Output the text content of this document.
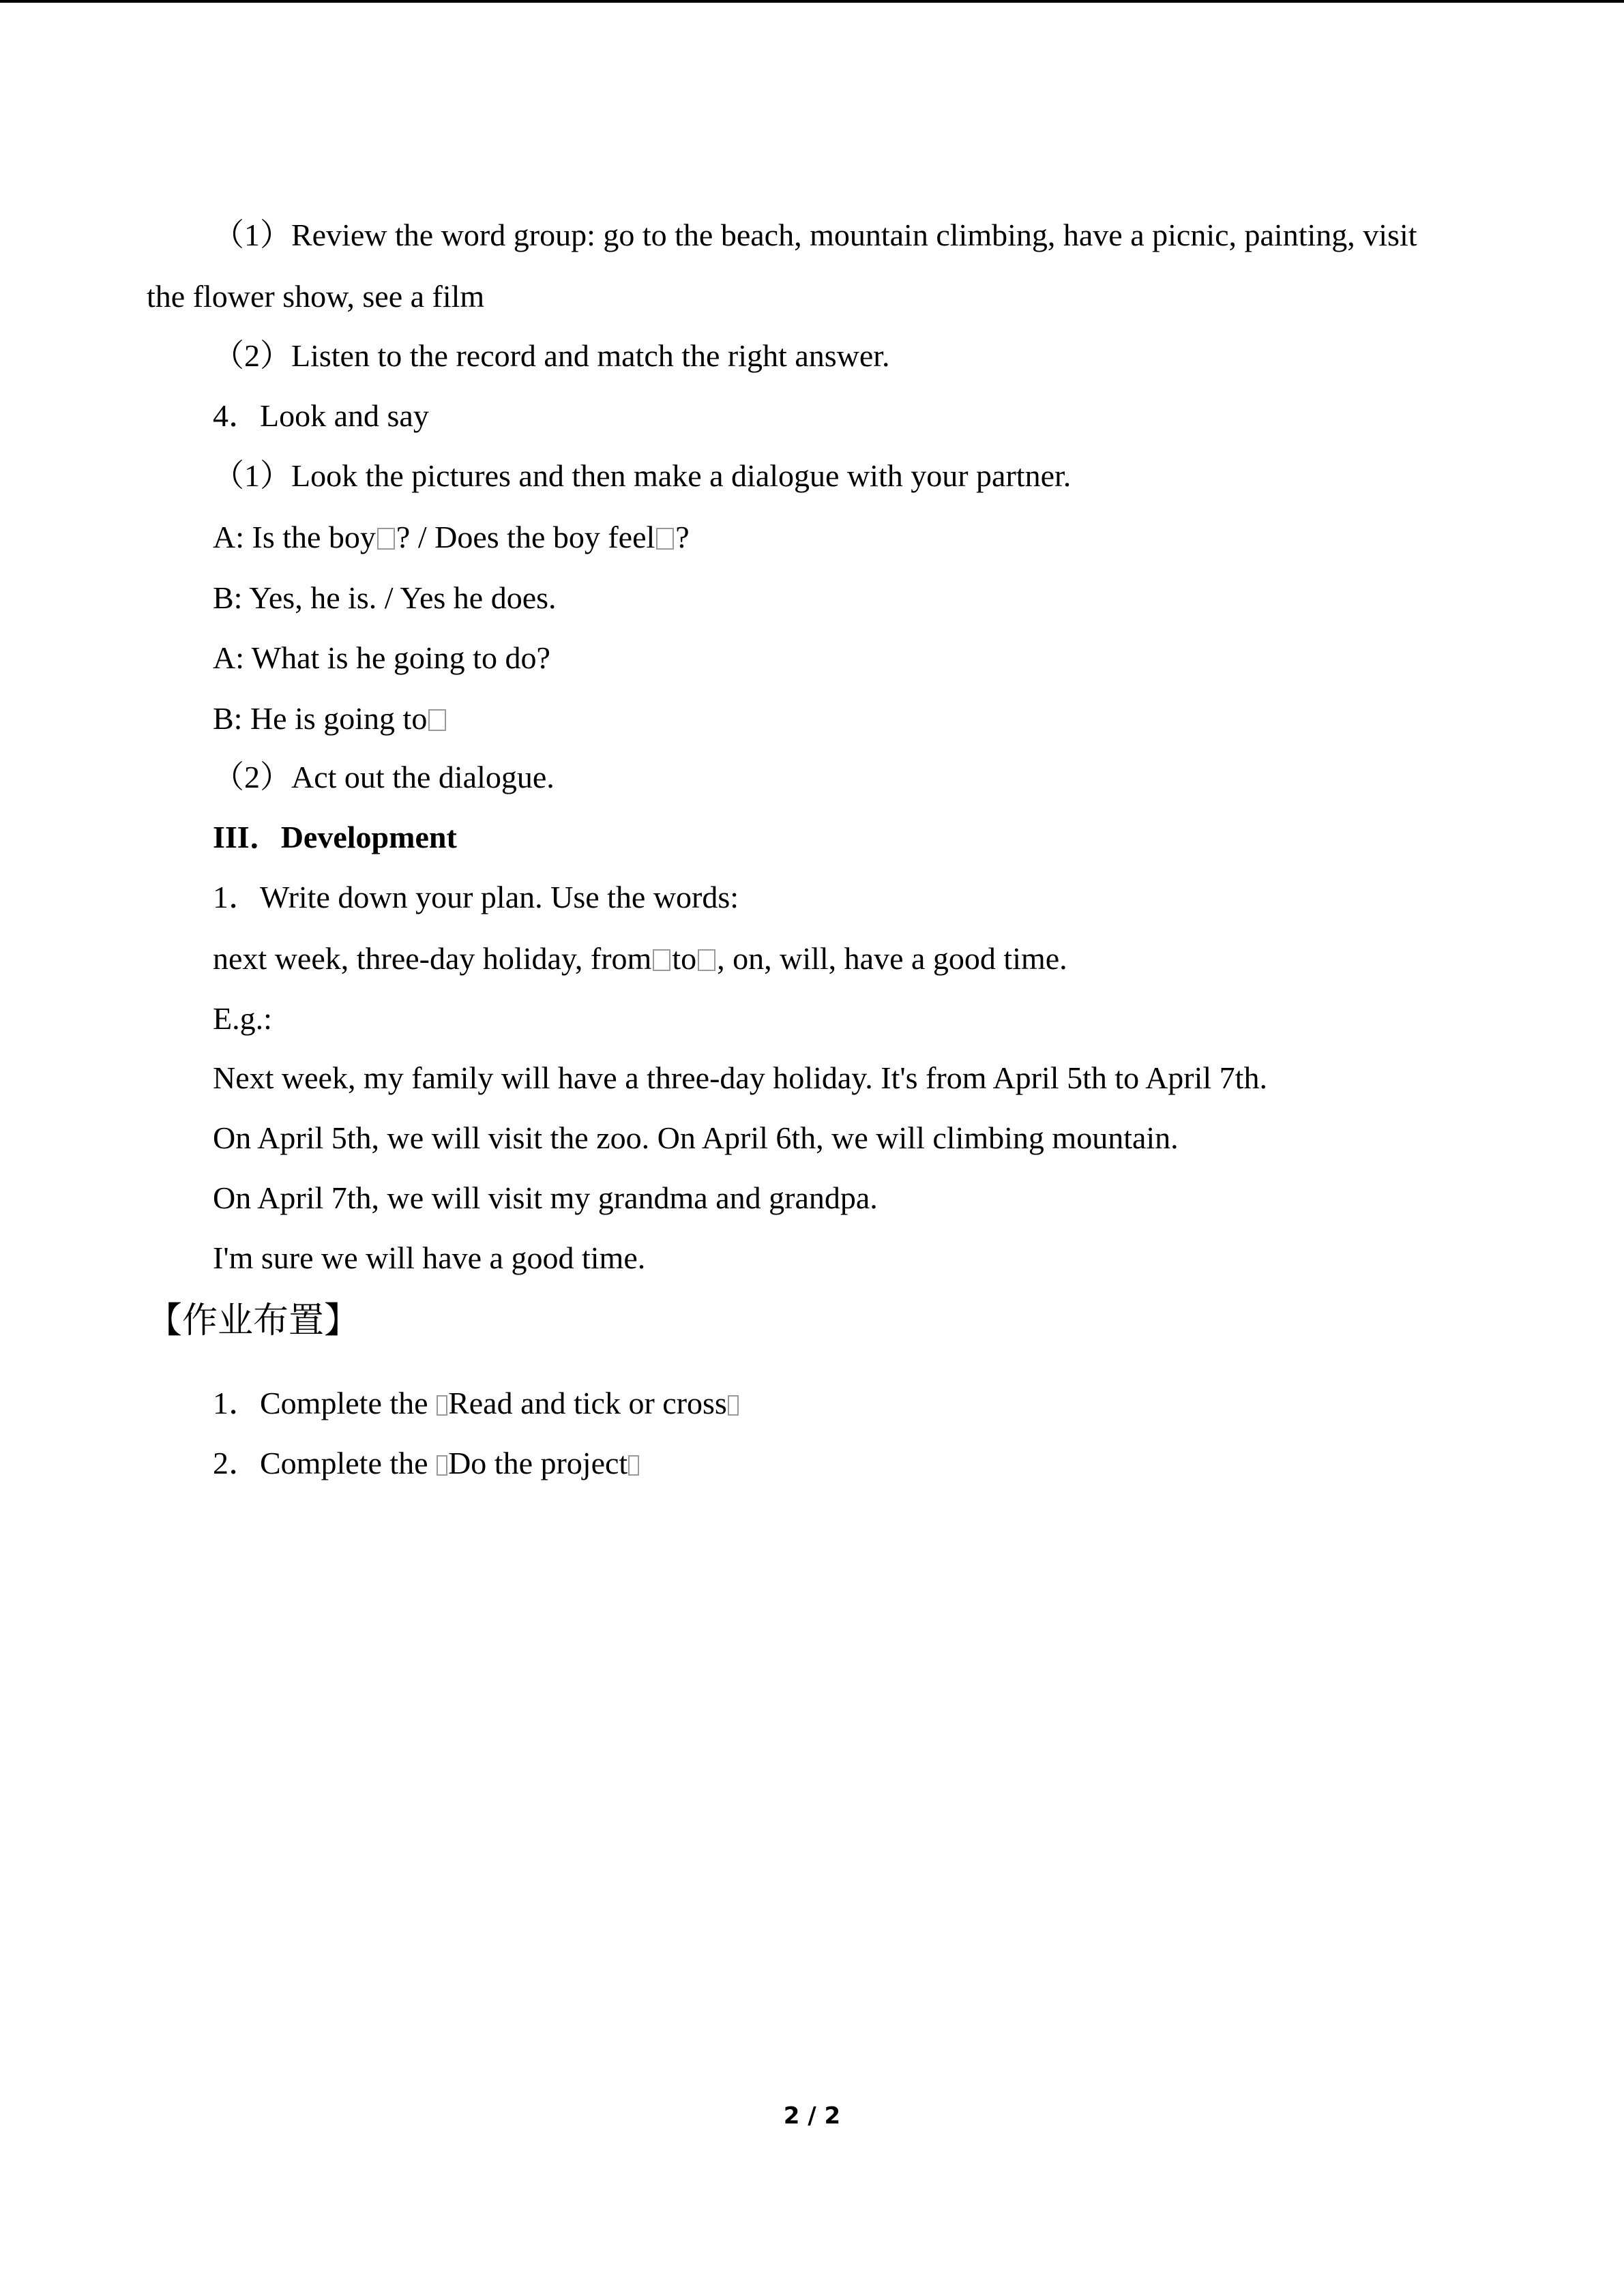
（1）Review the word group: go to the beach, mountain climbing, have a picnic, painting, visit
the flower show, see a film
（2）Listen to the record and match the right answer.
4．Look and say
（1）Look the pictures and then make a dialogue with your partner.
A: Is the boy ? / Does the boy feel ?
B: Yes, he is. / Yes he does.
A: What is he going to do?
B: He is going to
（2）Act out the dialogue.
III．Development
1．Write down your plan. Use the words:
next week, three-day holiday, from to , on, will, have a good time.
E.g.:
Next week, my family will have a three-day holiday. It's from April 5th to April 7th.
On April 5th, we will visit the zoo. On April 6th, we will climbing mountain.
On April 7th, we will visit my grandma and grandpa.
I'm sure we will have a good time.
【作业布置】
1．Complete the Read and tick or cross
2．Complete the Do the project
2 / 2
